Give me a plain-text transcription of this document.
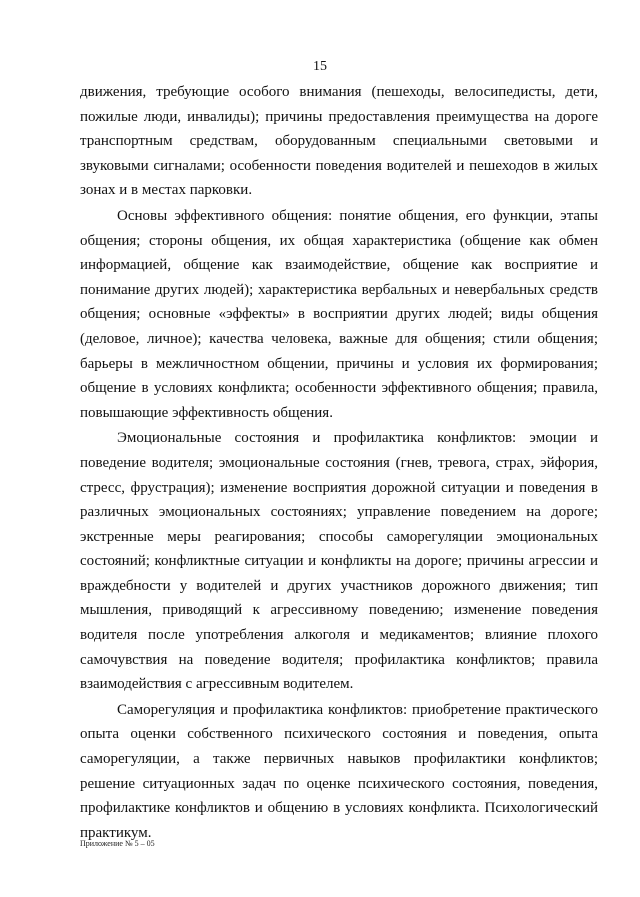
15

движения, требующие особого внимания (пешеходы, велосипедисты, дети, пожилые люди, инвалиды); причины предоставления преимущества на дороге транспортным средствам, оборудованным специальными световыми и звуковыми сигналами; особенности поведения водителей и пешеходов в жилых зонах и в местах парковки.

Основы эффективного общения: понятие общения, его функции, этапы общения; стороны общения, их общая характеристика (общение как обмен информацией, общение как взаимодействие, общение как восприятие и понимание других людей); характеристика вербальных и невербальных средств общения; основные «эффекты» в восприятии других людей; виды общения (деловое, личное); качества человека, важные для общения; стили общения; барьеры в межличностном общении, причины и условия их формирования; общение в условиях конфликта; особенности эффективного общения; правила, повышающие эффективность общения.

Эмоциональные состояния и профилактика конфликтов: эмоции и поведение водителя; эмоциональные состояния (гнев, тревога, страх, эйфория, стресс, фрустрация); изменение восприятия дорожной ситуации и поведения в различных эмоциональных состояниях; управление поведением на дороге; экстренные меры реагирования; способы саморегуляции эмоциональных состояний; конфликтные ситуации и конфликты на дороге; причины агрессии и враждебности у водителей и других участников дорожного движения; тип мышления, приводящий к агрессивному поведению; изменение поведения водителя после употребления алкоголя и медикаментов; влияние плохого самочувствия на поведение водителя; профилактика конфликтов; правила взаимодействия с агрессивным водителем.

Саморегуляция и профилактика конфликтов: приобретение практического опыта оценки собственного психического состояния и поведения, опыта саморегуляции, а также первичных навыков профилактики конфликтов; решение ситуационных задач по оценке психического состояния, поведения, профилактике конфликтов и общению в условиях конфликта. Психологический практикум.

Приложение № 5 – 05
